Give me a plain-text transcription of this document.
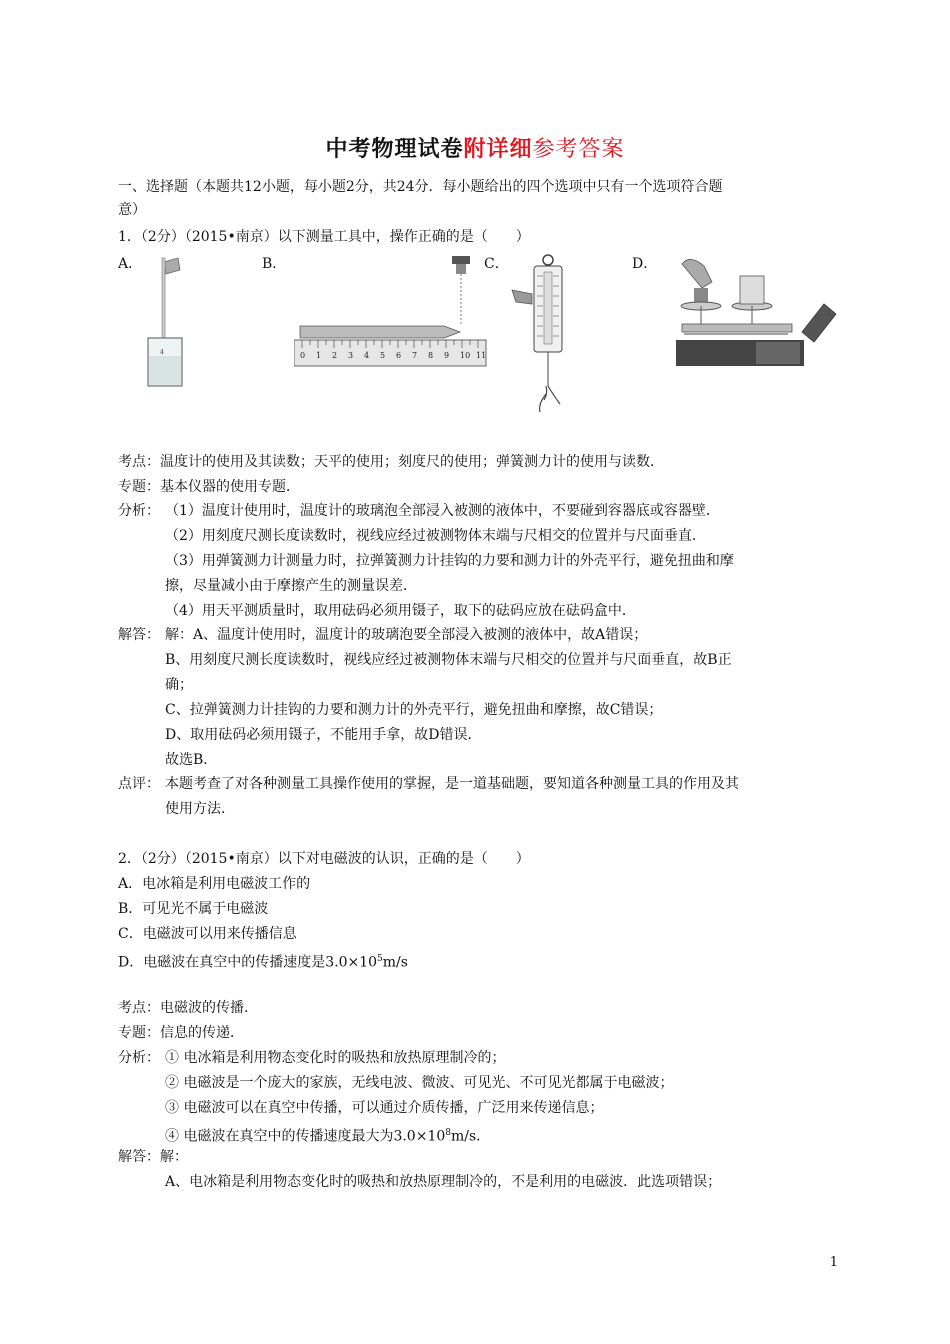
中考物理试卷附详细参考答案
一、选择题（本题共12小题，每小题2分，共24分．每小题给出的四个选项中只有一个选项符合题
意）
1．（2分）（2015•南京）以下测量工具中，操作正确的是（　　）
A．	B．	C．	D．
4	0 1 2 3 4 5 6 7 8 9 10 11
考点：温度计的使用及其读数；天平的使用；刻度尺的使用；弹簧测力计的使用与读数．
专题：基本仪器的使用专题．
分析： （1）温度计使用时，温度计的玻璃泡全部浸入被测的液体中，不要碰到容器底或容器壁．
（2）用刻度尺测长度读数时，视线应经过被测物体末端与尺相交的位置并与尺面垂直．
（3）用弹簧测力计测量力时，拉弹簧测力计挂钩的力要和测力计的外壳平行，避免扭曲和摩
擦，尽量减小由于摩擦产生的测量误差．
（4）用天平测质量时，取用砝码必须用镊子，取下的砝码应放在砝码盒中．
解答： 解：A、温度计使用时，温度计的玻璃泡要全部浸入被测的液体中，故A错误；
B、用刻度尺测长度读数时，视线应经过被测物体末端与尺相交的位置并与尺面垂直，故B正
确；
C、拉弹簧测力计挂钩的力要和测力计的外壳平行，避免扭曲和摩擦，故C错误；
D、取用砝码必须用镊子，不能用手拿，故D错误．
故选B．
点评： 本题考查了对各种测量工具操作使用的掌握，是一道基础题，要知道各种测量工具的作用及其
使用方法．
2．（2分）（2015•南京）以下对电磁波的认识，正确的是（　　）
A．电冰箱是利用电磁波工作的
B．可见光不属于电磁波
C．电磁波可以用来传播信息
D．电磁波在真空中的传播速度是$3.0\times 10^5m/s$
考点：电磁波的传播．
专题：信息的传递．
分析： ① 电冰箱是利用物态变化时的吸热和放热原理制冷的；
② 电磁波是一个庞大的家族，无线电波、微波、可见光、不可见光都属于电磁波；
③ 电磁波可以在真空中传播，可以通过介质传播，广泛用来传递信息；
④ 电磁波在真空中的传播速度最大为$3.0\times 10^8m/s$．
解答：解：
A、电冰箱是利用物态变化时的吸热和放热原理制冷的，不是利用的电磁波．此选项错误；
1
